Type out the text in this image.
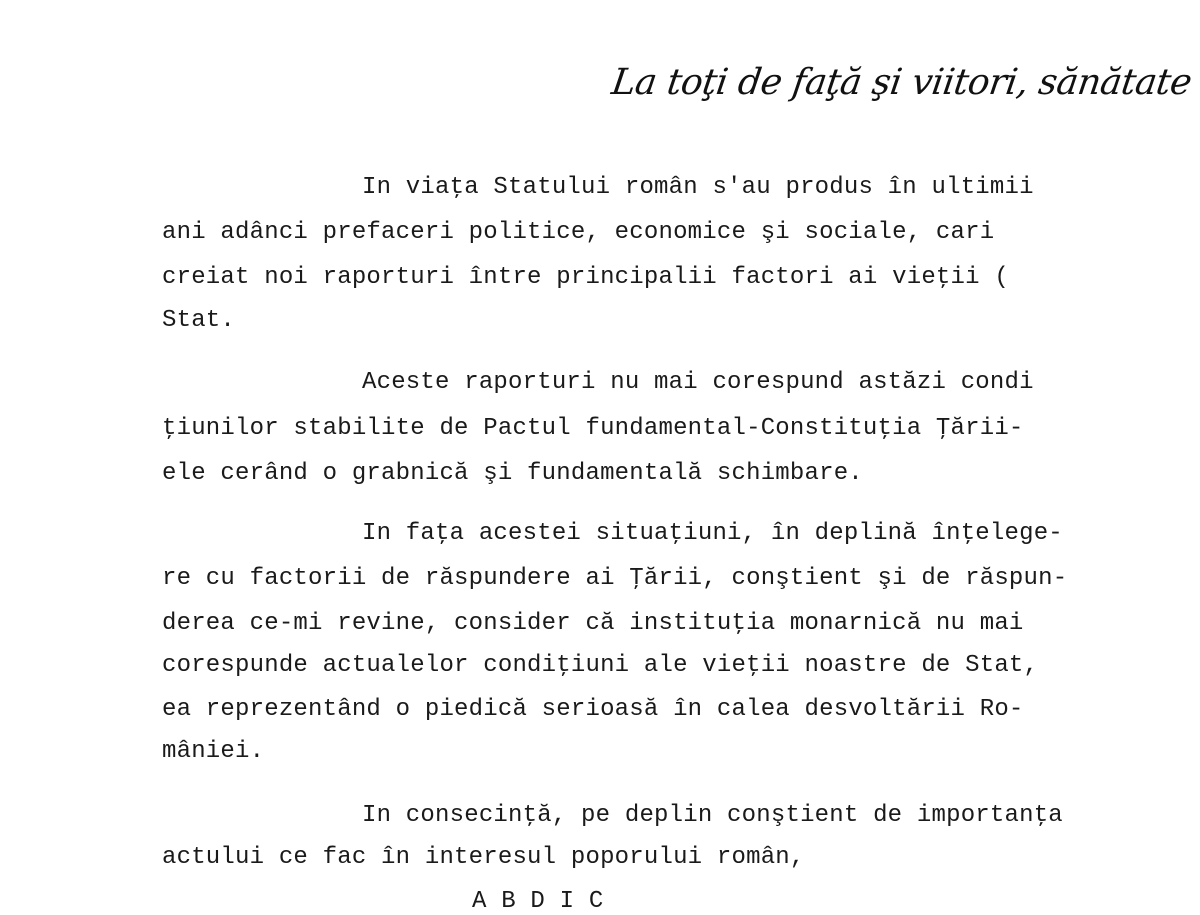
La toţi de faţă şi viitori, sănătate
In viaţa Statului român s'au produs în ultimii
ani adânci prefaceri politice, economice şi sociale, cari
creiat noi raporturi între principalii factori ai vieţii (
Stat.
Aceste raporturi nu mai corespund astăzi condi
ţiunilor stabilite de Pactul fundamental-Constituţia Ţării-
ele cerând o grabnică şi fundamentală schimbare.
In faţa acestei situaţiuni, în deplină înţelege-
re cu factorii de răspundere ai Ţării, conştient şi de răspun-
derea ce-mi revine, consider că instituţia monarnică nu mai
corespunde actualelor condiţiuni ale vieţii noastre de Stat,
ea reprezentând o piedică serioasă în calea desvoltării Ro-
mâniei.
In consecinţă, pe deplin conştient de importanţa
actului ce fac în interesul poporului român,
A B D I C
